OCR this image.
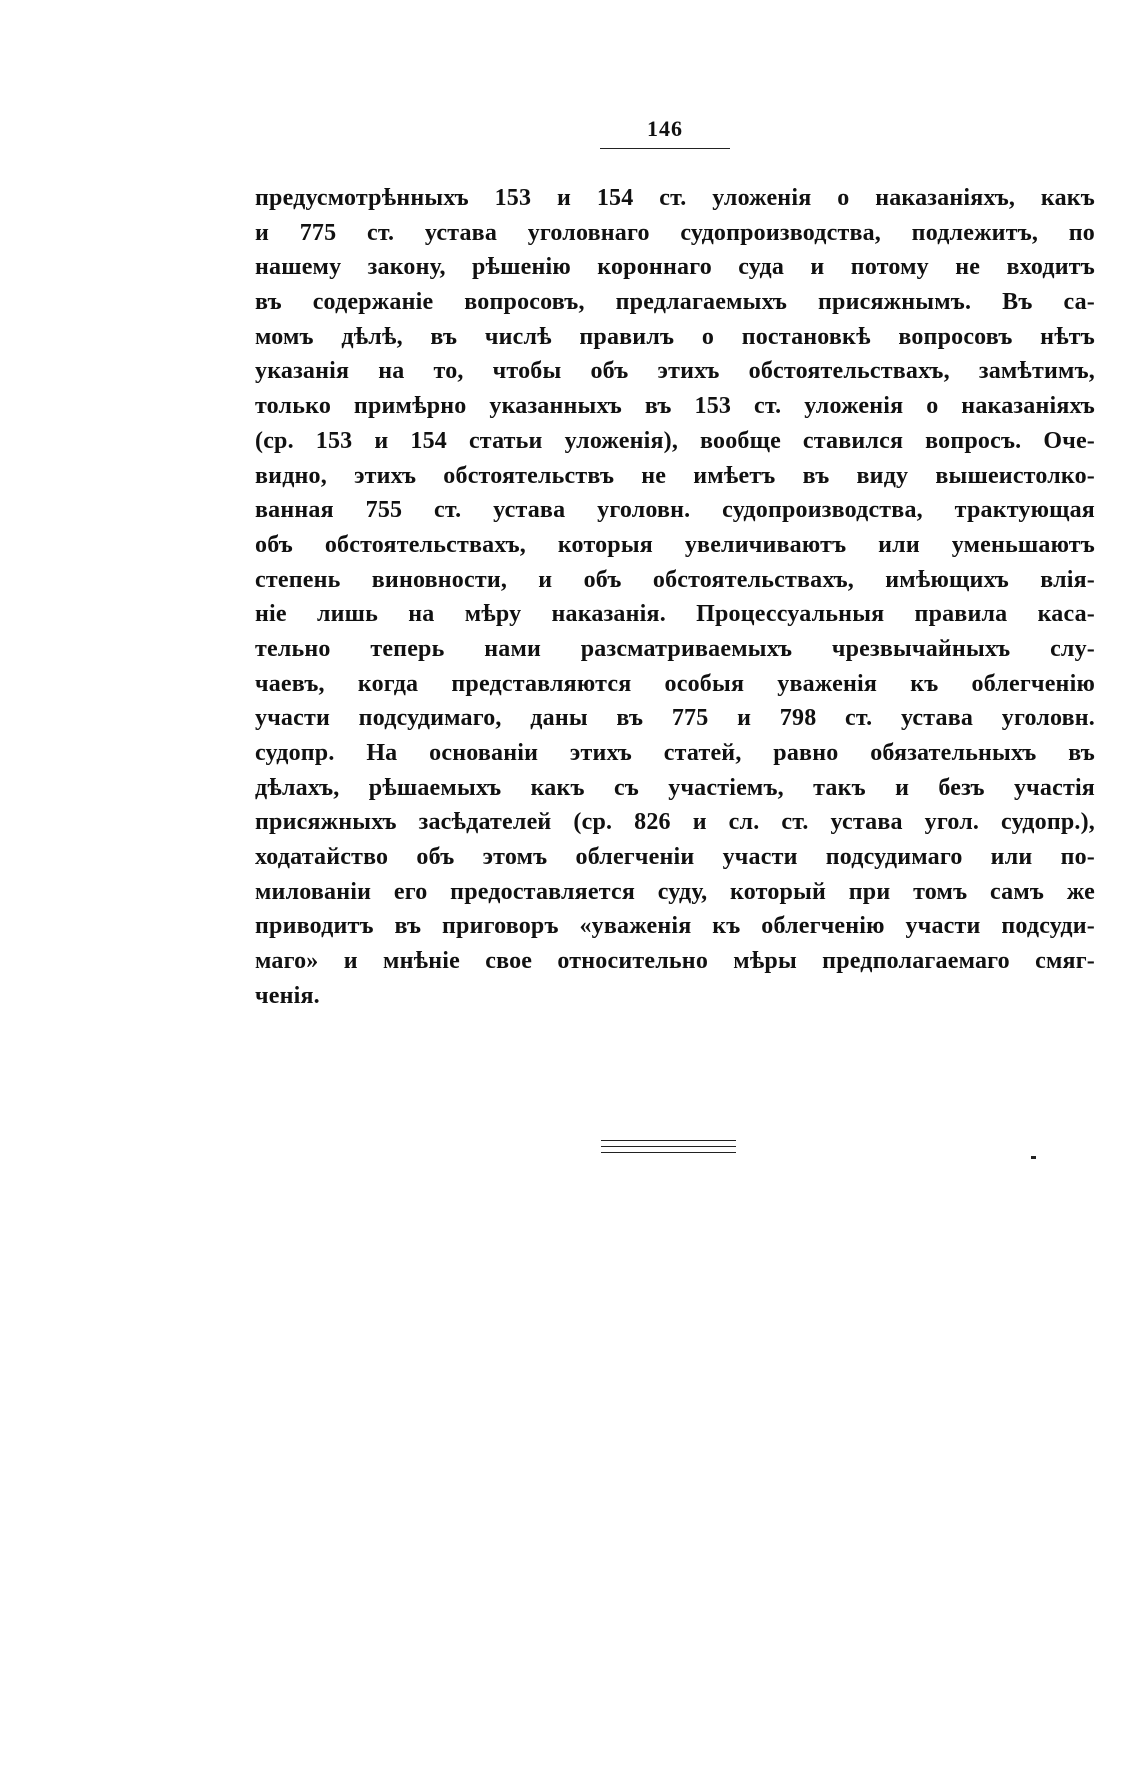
146
предусмотрѣнныхъ 153 и 154 ст. уложенія о наказаніяхъ, какъ
и 775 ст. устава уголовнаго судопроизводства, подлежитъ, по
нашему закону, рѣшенію короннаго суда и потому не входитъ
въ содержаніе вопросовъ, предлагаемыхъ присяжнымъ. Въ са-
момъ дѣлѣ, въ числѣ правилъ о постановкѣ вопросовъ нѣтъ
указанія на то, чтобы объ этихъ обстоятельствахъ, замѣтимъ,
только примѣрно указанныхъ въ 153 ст. уложенія о наказаніяхъ
(ср. 153 и 154 статьи уложенія), вообще ставился вопросъ. Оче-
видно, этихъ обстоятельствъ не имѣетъ въ виду вышеистолко-
ванная 755 ст. устава уголовн. судопроизводства, трактующая
объ обстоятельствахъ, которыя увеличиваютъ или уменьшаютъ
степень виновности, и объ обстоятельствахъ, имѣющихъ влія-
ніе лишь на мѣру наказанія. Процессуальныя правила каса-
тельно теперь нами разсматриваемыхъ чрезвычайныхъ слу-
чаевъ, когда представляются особыя уваженія къ облегченію
участи подсудимаго, даны въ 775 и 798 ст. устава уголовн.
судопр. На основаніи этихъ статей, равно обязательныхъ въ
дѣлахъ, рѣшаемыхъ какъ съ участіемъ, такъ и безъ участія
присяжныхъ засѣдателей (ср. 826 и сл. ст. устава угол. судопр.),
ходатайство объ этомъ облегченіи участи подсудимаго или по-
милованіи его предоставляется суду, который при томъ самъ же
приводитъ въ приговоръ «уваженія къ облегченію участи подсуди-
маго» и мнѣніе свое относительно мѣры предполагаемаго смяг-
ченія.
